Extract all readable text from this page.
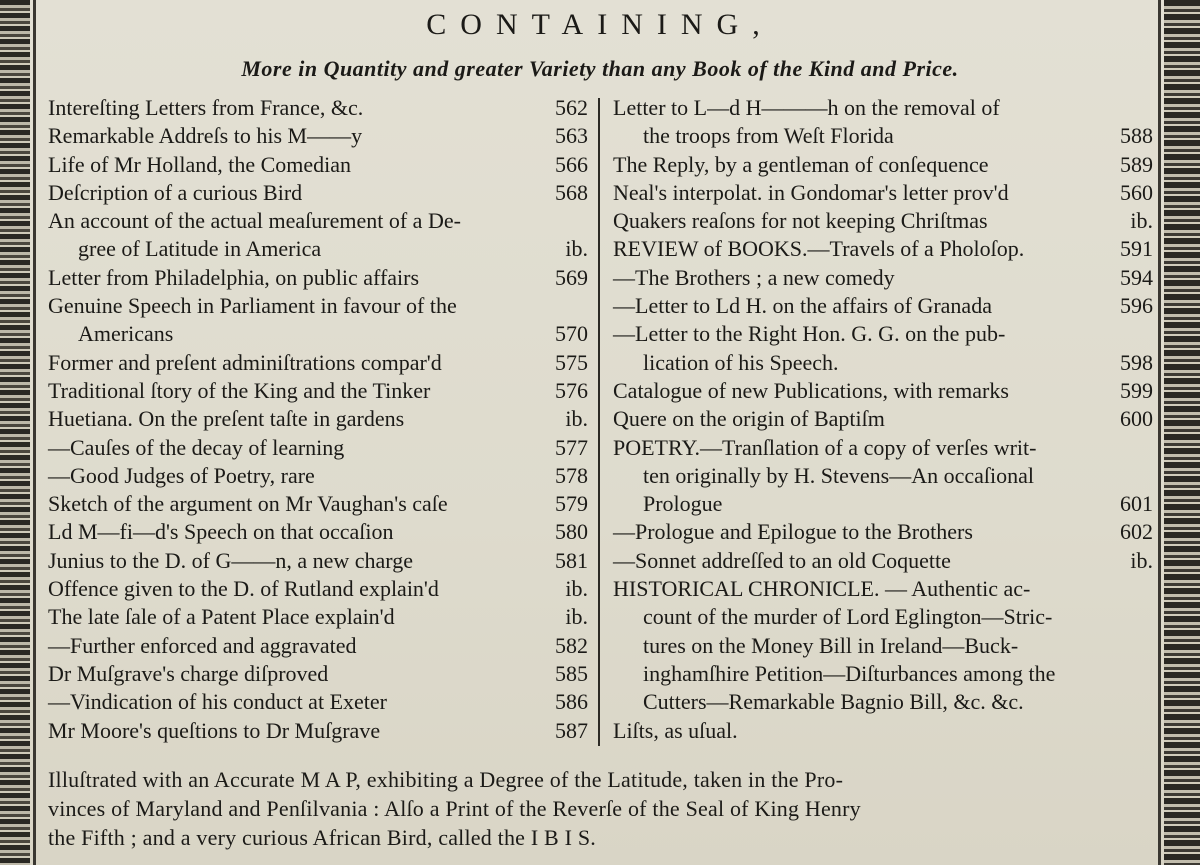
CONTAINING,
More in Quantity and greater Variety than any Book of the Kind and Price.
Intereſting Letters from France, &c.	562
Remarkable Addreſs to his M——y	563
Life of Mr Holland, the Comedian	566
Deſcription of a curious Bird	568
An account of the actual meaſurement of a De-
gree of Latitude in America	ib.
Letter from Philadelphia, on public affairs	569
Genuine Speech in Parliament in favour of the
Americans	570
Former and preſent adminiſtrations compar'd	575
Traditional ſtory of the King and the Tinker	576
Huetiana. On the preſent taſte in gardens	ib.
—Cauſes of the decay of learning	577
—Good Judges of Poetry, rare	578
Sketch of the argument on Mr Vaughan's caſe	579
Ld M—fi—d's Speech on that occaſion	580
Junius to the D. of G——n, a new charge	581
Offence given to the D. of Rutland explain'd	ib.
The late ſale of a Patent Place explain'd	ib.
—Further enforced and aggravated	582
Dr Muſgrave's charge diſproved	585
—Vindication of his conduct at Exeter	586
Mr Moore's queſtions to Dr Muſgrave	587
Letter to L—d H———h on the removal of
the troops from Weſt Florida	588
The Reply, by a gentleman of conſequence	589
Neal's interpolat. in Gondomar's letter prov'd	560
Quakers reaſons for not keeping Chriſtmas	ib.
REVIEW of BOOKS.—Travels of a Pholoſop.	591
—The Brothers ; a new comedy	594
—Letter to Ld H. on the affairs of Granada	596
—Letter to the Right Hon. G. G. on the pub-
lication of his Speech.	598
Catalogue of new Publications, with remarks	599
Quere on the origin of Baptiſm	600
POETRY.—Tranſlation of a copy of verſes writ-
ten originally by H. Stevens—An occaſional
Prologue	601
—Prologue and Epilogue to the Brothers	602
—Sonnet addreſſed to an old Coquette	ib.
HISTORICAL CHRONICLE. — Authentic ac-
count of the murder of Lord Eglington—Stric-
tures on the Money Bill in Ireland—Buck-
inghamſhire Petition—Diſturbances among the
Cutters—Remarkable Bagnio Bill, &c. &c.
Liſts, as uſual.
Illuſtrated with an Accurate M A P, exhibiting a Degree of the Latitude, taken in the Pro-
vinces of Maryland and Penſilvania : Alſo a Print of the Reverſe of the Seal of King Henry
the Fifth ; and a very curious African Bird, called the I B I S.
